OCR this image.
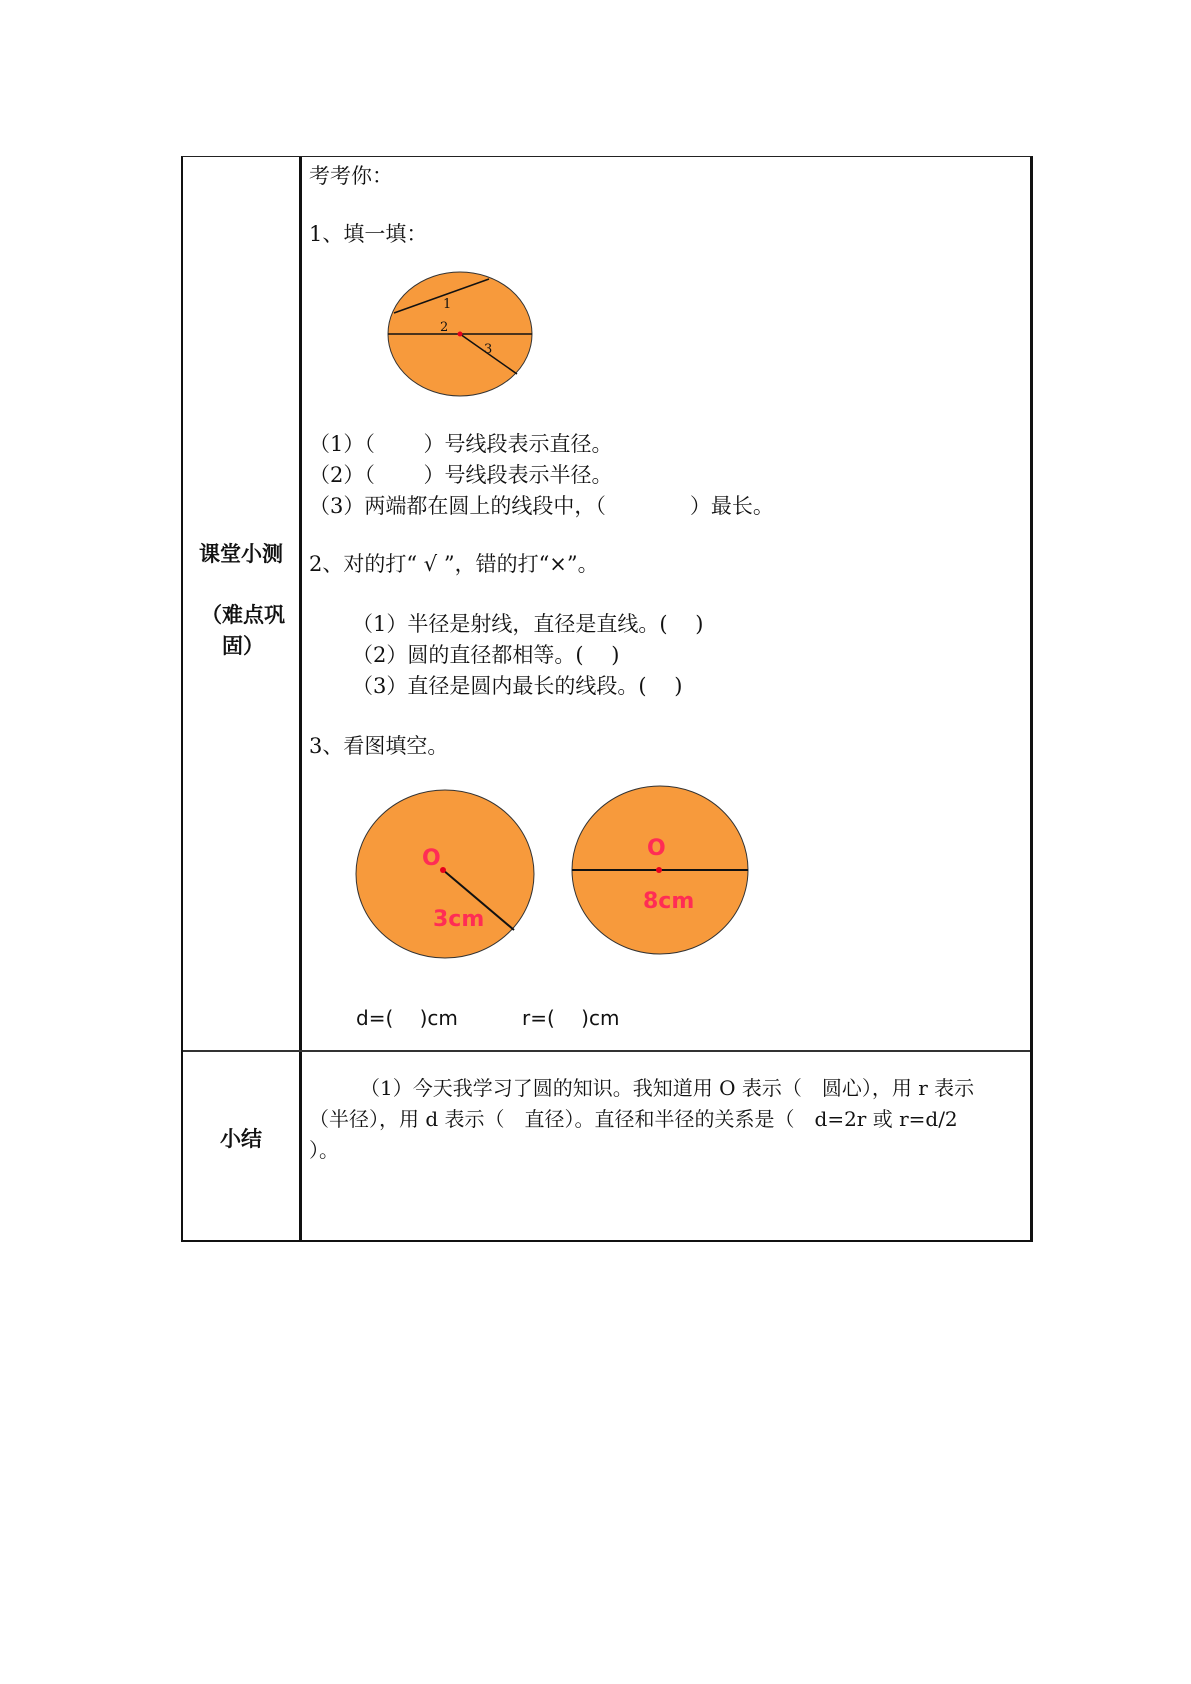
课堂小测
（难点巩
固）
小结
考考你：
1、填一填：
1
2
3
（1）（　　 ）号线段表示直径。
（2）（　　 ）号线段表示半径。
（3）两端都在圆上的线段中，（　　　　）最长。
2、对的打“ √ ”，错的打“×”。
（1）半径是射线，直径是直线。(　 )
（2）圆的直径都相等。(　 )
（3）直径是圆内最长的线段。(　 )
3、看图填空。
O
3cm
O
8cm
d=(　 )cm	r=(　 )cm
（1）今天我学习了圆的知识。我知道用 O 表示（　圆心），用 r 表示
（半径），用 d 表示（　直径）。直径和半径的关系是（　d=2r 或 r=d/2
）。
